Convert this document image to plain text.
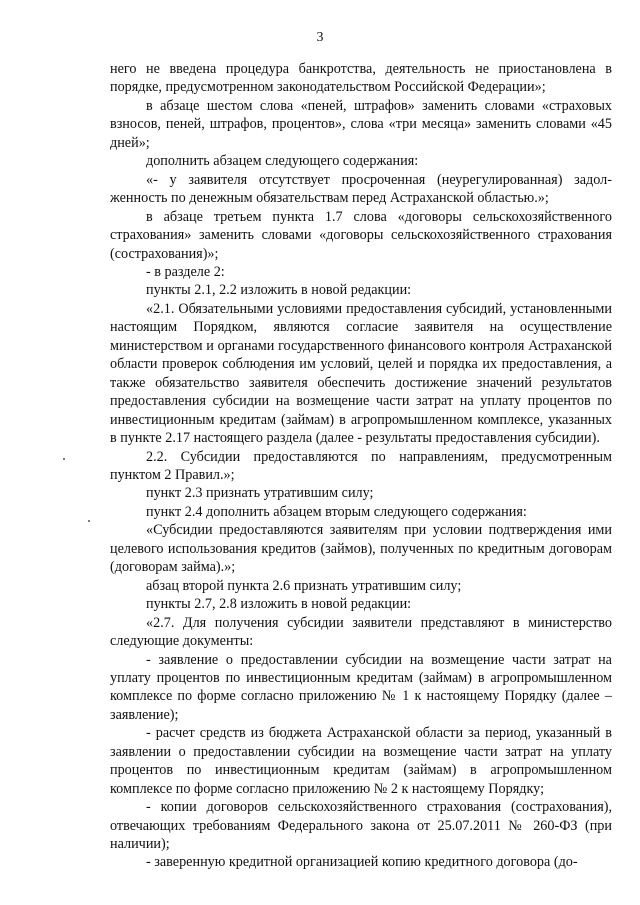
3

него не введена процедура банкротства, деятельность не приостановлена в порядке, предусмотренном законодательством Российской Федерации»;

в абзаце шестом слова «пеней, штрафов» заменить словами «страховых взносов, пеней, штрафов, процентов», слова «три месяца» заменить словами «45 дней»;

дополнить абзацем следующего содержания:

«- у заявителя отсутствует просроченная (неурегулированная) задолженность по денежным обязательствам перед Астраханской областью.»;

в абзаце третьем пункта 1.7 слова «договоры сельскохозяйственного страхования» заменить словами «договоры сельскохозяйственного страхования (сострахования)»;

- в разделе 2:

пункты 2.1, 2.2 изложить в новой редакции:

«2.1. Обязательными условиями предоставления субсидий, установленными настоящим Порядком, являются согласие заявителя на осуществление министерством и органами государственного финансового контроля Астраханской области проверок соблюдения им условий, целей и порядка их предоставления, а также обязательство заявителя обеспечить достижение значений результатов предоставления субсидии на возмещение части затрат на уплату процентов по инвестиционным кредитам (займам) в агропромышленном комплексе, указанных в пункте 2.17 настоящего раздела (далее - результаты предоставления субсидии).

2.2. Субсидии предоставляются по направлениям, предусмотренным пунктом 2 Правил.»;

пункт 2.3 признать утратившим силу;

пункт 2.4 дополнить абзацем вторым следующего содержания:

«Субсидии предоставляются заявителям при условии подтверждения ими целевого использования кредитов (займов), полученных по кредитным договорам (договорам займа).»;

абзац второй пункта 2.6 признать утратившим силу;

пункты 2.7, 2.8 изложить в новой редакции:

«2.7. Для получения субсидии заявители представляют в министерство следующие документы:

- заявление о предоставлении субсидии на возмещение части затрат на уплату процентов по инвестиционным кредитам (займам) в агропромышленном комплексе по форме согласно приложению № 1 к настоящему Порядку (далее – заявление);

- расчет средств из бюджета Астраханской области за период, указанный в заявлении о предоставлении субсидии на возмещение части затрат на уплату процентов по инвестиционным кредитам (займам) в агропромышленном комплексе по форме согласно приложению № 2 к настоящему Порядку;

- копии договоров сельскохозяйственного страхования (сострахования), отвечающих требованиям Федерального закона от 25.07.2011 № 260-ФЗ (при наличии);

- заверенную кредитной организацией копию кредитного договора (до-
